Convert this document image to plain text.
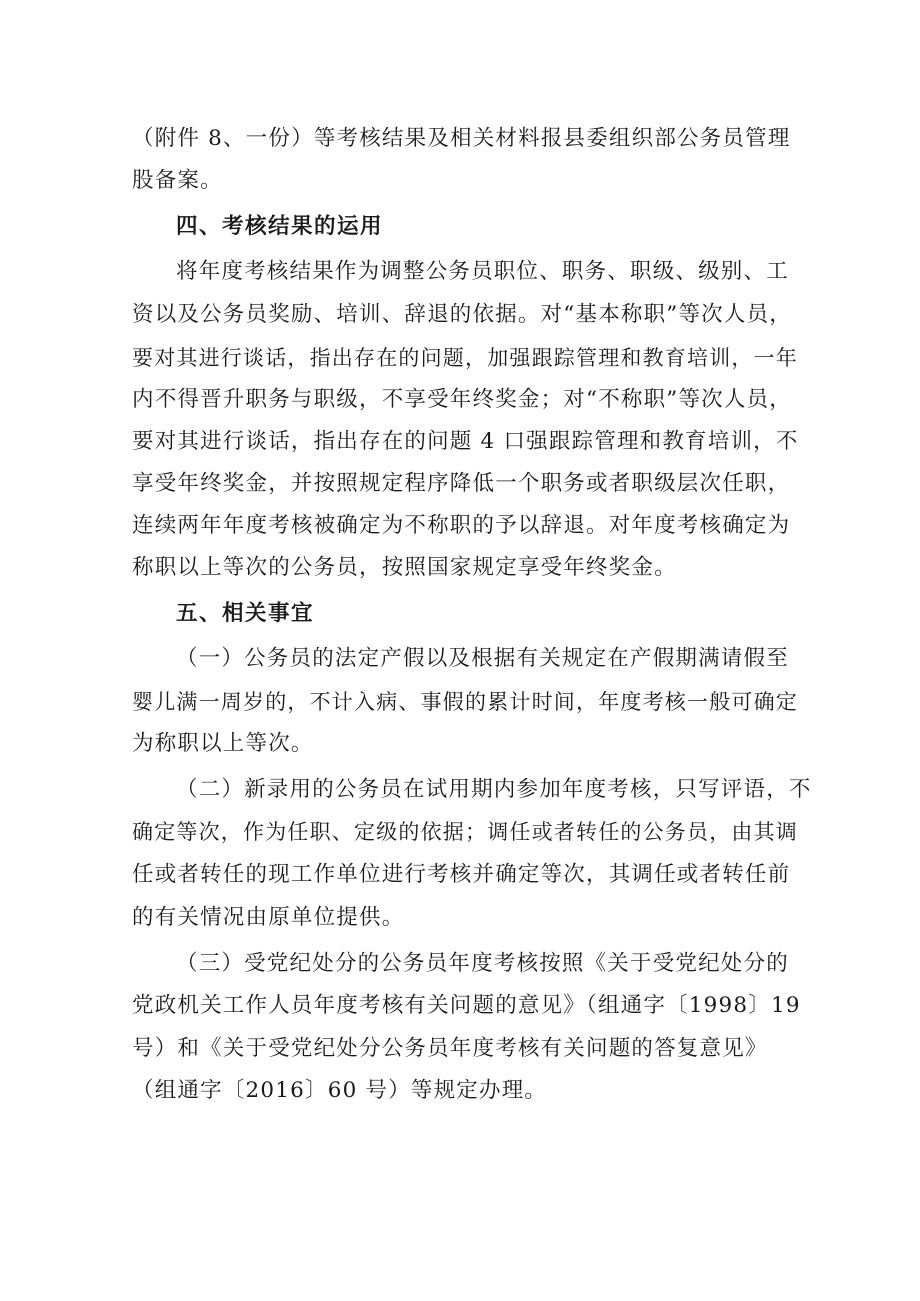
（附件 8、一份）等考核结果及相关材料报县委组织部公务员管理
股备案。
四、考核结果的运用
将年度考核结果作为调整公务员职位、职务、职级、级别、工
资以及公务员奖励、培训、辞退的依据。对“基本称职”等次人员，
要对其进行谈话，指出存在的问题，加强跟踪管理和教育培训，一年
内不得晋升职务与职级，不享受年终奖金；对“不称职”等次人员，
要对其进行谈话，指出存在的问题 4 口强跟踪管理和教育培训，不
享受年终奖金，并按照规定程序降低一个职务或者职级层次任职，
连续两年年度考核被确定为不称职的予以辞退。对年度考核确定为
称职以上等次的公务员，按照国家规定享受年终奖金。
五、相关事宜
（一）公务员的法定产假以及根据有关规定在产假期满请假至
婴儿满一周岁的，不计入病、事假的累计时间，年度考核一般可确定
为称职以上等次。
（二）新录用的公务员在试用期内参加年度考核，只写评语，不
确定等次，作为任职、定级的依据；调任或者转任的公务员，由其调
任或者转任的现工作单位进行考核并确定等次，其调任或者转任前
的有关情况由原单位提供。
（三）受党纪处分的公务员年度考核按照《关于受党纪处分的
党政机关工作人员年度考核有关问题的意见》（组通字〔1998〕19
号）和《关于受党纪处分公务员年度考核有关问题的答复意见》
（组通字〔2016〕60 号）等规定办理。
